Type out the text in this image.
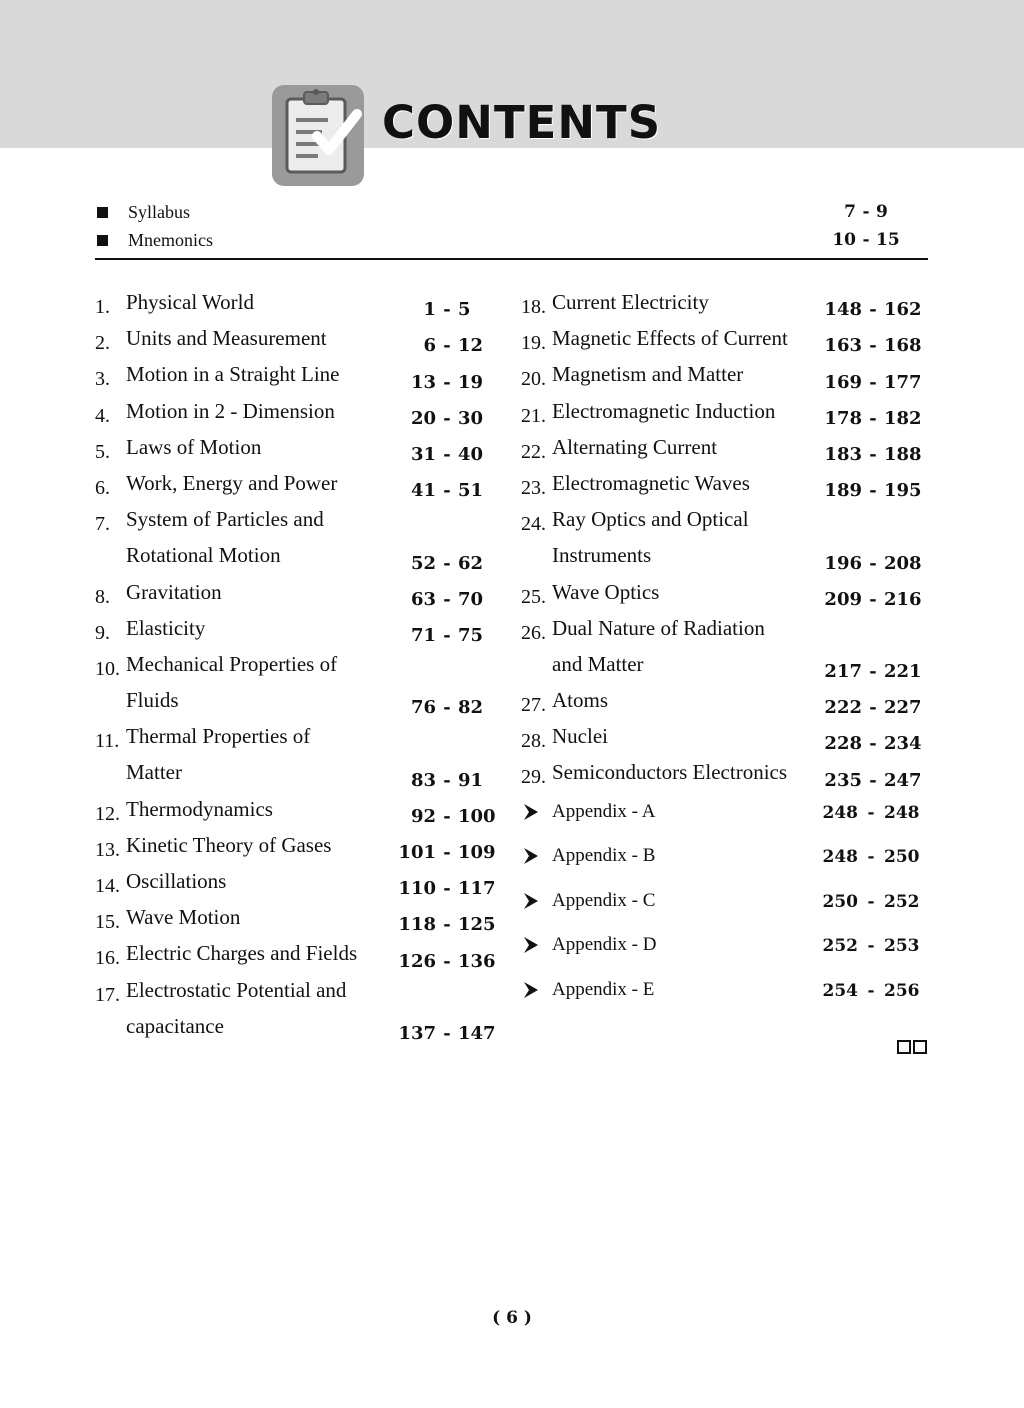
CONTENTS
Syllabus	7 - 9
Mnemonics	10 - 15
1. Physical World	1 - 5
2. Units and Measurement	6 - 12
3. Motion in a Straight Line	13 - 19
4. Motion in 2 - Dimension	20 - 30
5. Laws of Motion	31 - 40
6. Work, Energy and Power	41 - 51
7. System of Particles and
Rotational Motion	52 - 62
8. Gravitation	63 - 70
9. Elasticity	71 - 75
10. Mechanical Properties of
Fluids	76 - 82
11. Thermal Properties of
Matter	83 - 91
12. Thermodynamics	92 - 100
13. Kinetic Theory of Gases	101 - 109
14. Oscillations	110 - 117
15. Wave Motion	118 - 125
16. Electric Charges and Fields 126 - 136
17. Electrostatic Potential and
capacitance	137 - 147
18. Current Electricity	148 - 162
19. Magnetic Effects of Current 163 - 168
20. Magnetism and Matter	169 - 177
21. Electromagnetic Induction	178 - 182
22. Alternating Current	183 - 188
23. Electromagnetic Waves	189 - 195
24. Ray Optics and Optical
Instruments	196 - 208
25. Wave Optics	209 - 216
26. Dual Nature of Radiation
and Matter	217 - 221
27. Atoms	222 - 227
28. Nuclei	228 - 234
29. Semiconductors Electronics 235 - 247
Appendix - A	248 - 248
Appendix - B	248 - 250
Appendix - C	250 - 252
Appendix - D	252 - 253
Appendix - E	254 - 256
( 6 )
